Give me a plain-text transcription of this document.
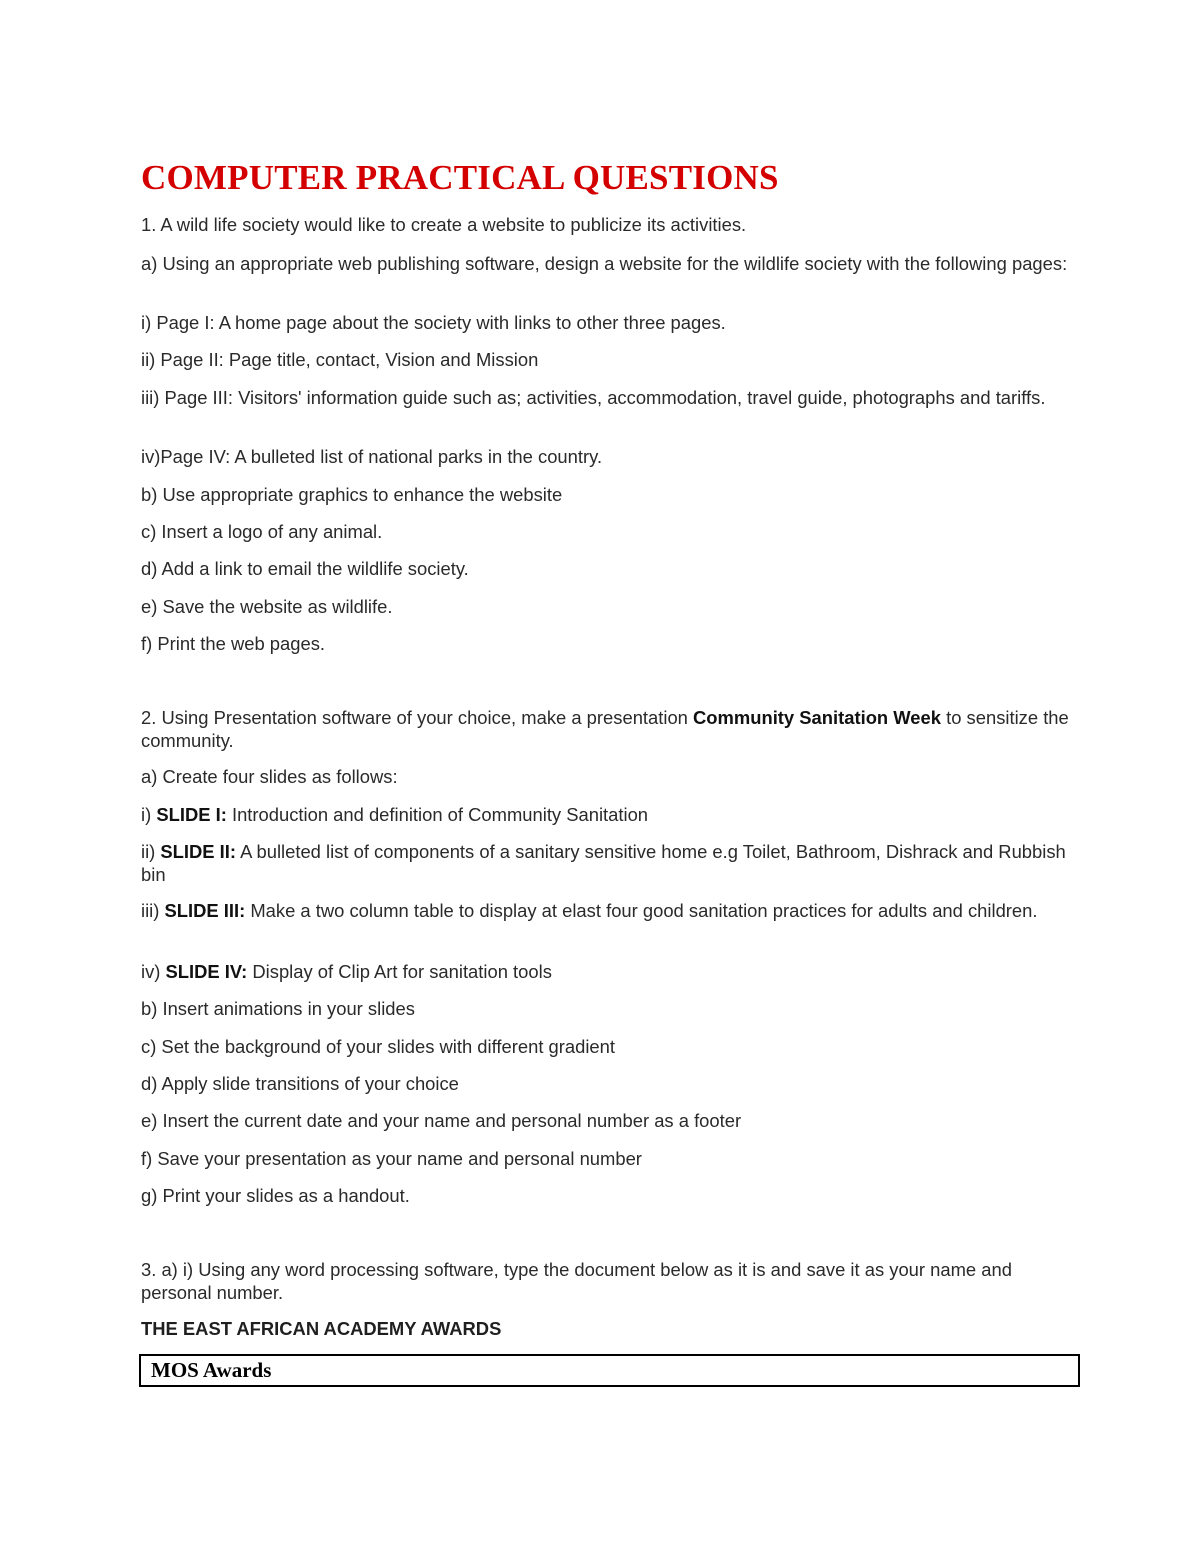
COMPUTER PRACTICAL QUESTIONS
1. A wild life society would like to create a website to publicize its activities.
a) Using an appropriate web publishing software, design a website for the wildlife society with the following pages:
i) Page I: A home page about the society with links to other three pages.
ii) Page II: Page title, contact, Vision and Mission
iii) Page III: Visitors' information guide such as; activities, accommodation, travel guide, photographs and tariffs.
iv)Page IV: A bulleted list of national parks in the country.
b) Use appropriate graphics to enhance the website
c) Insert a logo of any animal.
d) Add a link to email the wildlife society.
e) Save the website as wildlife.
f) Print the web pages.
2. Using Presentation software of your choice, make a presentation Community Sanitation Week to sensitize the community.
a) Create four slides as follows:
i) SLIDE I: Introduction and definition of Community Sanitation
ii) SLIDE II: A bulleted list of components of a sanitary sensitive home e.g Toilet, Bathroom, Dishrack and Rubbish bin
iii) SLIDE III: Make a two column table to display at elast four good sanitation practices for adults and children.
iv) SLIDE IV: Display of Clip Art for sanitation tools
b) Insert animations in your slides
c) Set the background of your slides with different gradient
d) Apply slide transitions of your choice
e) Insert the current date and your name and personal number as a footer
f) Save your presentation as your name and personal number
g) Print your slides as a handout.
3. a) i) Using any word processing software, type the document below as it is and save it as your name and personal number.
THE EAST AFRICAN ACADEMY AWARDS
MOS Awards
